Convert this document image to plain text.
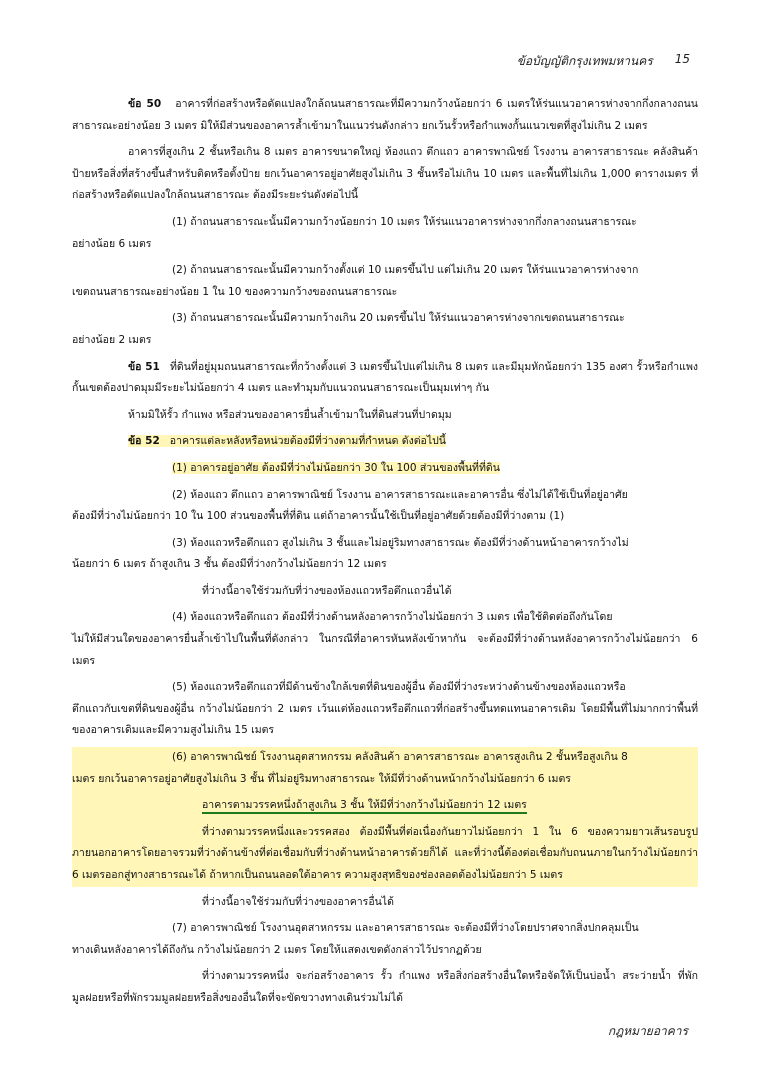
ข้อบัญญัติกรุงเทพมหานคร 15

ข้อ 50 อาคารที่ก่อสร้างหรือดัดแปลงใกล้ถนนสาธารณะที่มีความกว้างน้อยกว่า 6 เมตรให้ร่นแนวอาคารห่างจากกึ่งกลางถนนสาธารณะอย่างน้อย 3 เมตร มิให้มีส่วนของอาคารล้ำเข้ามาในแนวร่นดังกล่าว ยกเว้นรั้วหรือกำแพงกั้นแนวเขตที่สูงไม่เกิน 2 เมตร

อาคารที่สูงเกิน 2 ชั้นหรือเกิน 8 เมตร อาคารขนาดใหญ่ ห้องแถว ตึกแถว อาคารพาณิชย์ โรงงาน อาคารสาธารณะ คลังสินค้า ป้ายหรือสิ่งที่สร้างขึ้นสำหรับติดหรือตั้งป้าย ยกเว้นอาคารอยู่อาศัยสูงไม่เกิน 3 ชั้นหรือไม่เกิน 10 เมตร และพื้นที่ไม่เกิน 1,000 ตารางเมตร ที่ก่อสร้างหรือดัดแปลงใกล้ถนนสาธารณะ ต้องมีระยะร่นดังต่อไปนี้

(1) ถ้าถนนสาธารณะนั้นมีความกว้างน้อยกว่า 10 เมตร ให้ร่นแนวอาคารห่างจากกึ่งกลางถนนสาธารณะ
อย่างน้อย 6 เมตร

(2) ถ้าถนนสาธารณะนั้นมีความกว้างตั้งแต่ 10 เมตรขึ้นไป แต่ไม่เกิน 20 เมตร ให้ร่นแนวอาคารห่างจาก
เขตถนนสาธารณะอย่างน้อย 1 ใน 10 ของความกว้างของถนนสาธารณะ

(3) ถ้าถนนสาธารณะนั้นมีความกว้างเกิน 20 เมตรขึ้นไป ให้ร่นแนวอาคารห่างจากเขตถนนสาธารณะ
อย่างน้อย 2 เมตร

ข้อ 51 ที่ดินที่อยู่มุมถนนสาธารณะที่กว้างตั้งแต่ 3 เมตรขึ้นไปแต่ไม่เกิน 8 เมตร และมีมุมหักน้อยกว่า 135 องศา รั้วหรือกำแพงกั้นเขตต้องปาดมุมมีระยะไม่น้อยกว่า 4 เมตร และทำมุมกับแนวถนนสาธารณะเป็นมุมเท่าๆ กัน

ห้ามมิให้รั้ว กำแพง หรือส่วนของอาคารยื่นล้ำเข้ามาในที่ดินส่วนที่ปาดมุม

ข้อ 52 อาคารแต่ละหลังหรือหน่วยต้องมีที่ว่างตามที่กำหนด ดังต่อไปนี้

(1) อาคารอยู่อาศัย ต้องมีที่ว่างไม่น้อยกว่า 30 ใน 100 ส่วนของพื้นที่ที่ดิน

(2) ห้องแถว ตึกแถว อาคารพาณิชย์ โรงงาน อาคารสาธารณะและอาคารอื่น ซึ่งไม่ได้ใช้เป็นที่อยู่อาศัย
ต้องมีที่ว่างไม่น้อยกว่า 10 ใน 100 ส่วนของพื้นที่ที่ดิน แต่ถ้าอาคารนั้นใช้เป็นที่อยู่อาศัยด้วยต้องมีที่ว่างตาม (1)

(3) ห้องแถวหรือตึกแถว สูงไม่เกิน 3 ชั้นและไม่อยู่ริมทางสาธารณะ ต้องมีที่ว่างด้านหน้าอาคารกว้างไม่
น้อยกว่า 6 เมตร ถ้าสูงเกิน 3 ชั้น ต้องมีที่ว่างกว้างไม่น้อยกว่า 12 เมตร

ที่ว่างนี้อาจใช้ร่วมกับที่ว่างของห้องแถวหรือตึกแถวอื่นได้

(4) ห้องแถวหรือตึกแถว ต้องมีที่ว่างด้านหลังอาคารกว้างไม่น้อยกว่า 3 เมตร เพื่อใช้ติดต่อถึงกันโดย
ไม่ให้มีส่วนใดของอาคารยื่นล้ำเข้าไปในพื้นที่ดังกล่าว ในกรณีที่อาคารหันหลังเข้าหากัน จะต้องมีที่ว่างด้านหลังอาคารกว้างไม่น้อยกว่า 6 เมตร

(5) ห้องแถวหรือตึกแถวที่มีด้านข้างใกล้เขตที่ดินของผู้อื่น ต้องมีที่ว่างระหว่างด้านข้างของห้องแถวหรือ
ตึกแถวกับเขตที่ดินของผู้อื่น กว้างไม่น้อยกว่า 2 เมตร เว้นแต่ห้องแถวหรือตึกแถวที่ก่อสร้างขึ้นทดแทนอาคารเดิม โดยมีพื้นที่ไม่มากกว่าพื้นที่ของอาคารเดิมและมีความสูงไม่เกิน 15 เมตร

(6) อาคารพาณิชย์ โรงงานอุตสาหกรรม คลังสินค้า อาคารสาธารณะ อาคารสูงเกิน 2 ชั้นหรือสูงเกิน 8
เมตร ยกเว้นอาคารอยู่อาศัยสูงไม่เกิน 3 ชั้น ที่ไม่อยู่ริมทางสาธารณะ ให้มีที่ว่างด้านหน้ากว้างไม่น้อยกว่า 6 เมตร

อาคารตามวรรคหนึ่งถ้าสูงเกิน 3 ชั้น ให้มีที่ว่างกว้างไม่น้อยกว่า 12 เมตร

ที่ว่างตามวรรคหนึ่งและวรรคสอง ต้องมีพื้นที่ต่อเนื่องกันยาวไม่น้อยกว่า 1 ใน 6 ของความยาวเส้นรอบรูปภายนอกอาคารโดยอาจรวมที่ว่างด้านข้างที่ต่อเชื่อมกับที่ว่างด้านหน้าอาคารด้วยก็ได้ และที่ว่างนี้ต้องต่อเชื่อมกับถนนภายในกว้างไม่น้อยกว่า 6 เมตรออกสู่ทางสาธารณะได้ ถ้าหากเป็นถนนลอดใต้อาคาร ความสูงสุทธิของช่องลอดต้องไม่น้อยกว่า 5 เมตร

ที่ว่างนี้อาจใช้ร่วมกับที่ว่างของอาคารอื่นได้

(7) อาคารพาณิชย์ โรงงานอุตสาหกรรม และอาคารสาธารณะ จะต้องมีที่ว่างโดยปราศจากสิ่งปกคลุมเป็น
ทางเดินหลังอาคารได้ถึงกัน กว้างไม่น้อยกว่า 2 เมตร โดยให้แสดงเขตดังกล่าวไว้ปรากฏด้วย

ที่ว่างตามวรรคหนึ่ง จะก่อสร้างอาคาร รั้ว กำแพง หรือสิ่งก่อสร้างอื่นใดหรือจัดให้เป็นบ่อน้ำ สระว่ายน้ำ ที่พักมูลฝอยหรือที่พักรวมมูลฝอยหรือสิ่งของอื่นใดที่จะขัดขวางทางเดินร่วมไม่ได้

กฎหมายอาคาร
